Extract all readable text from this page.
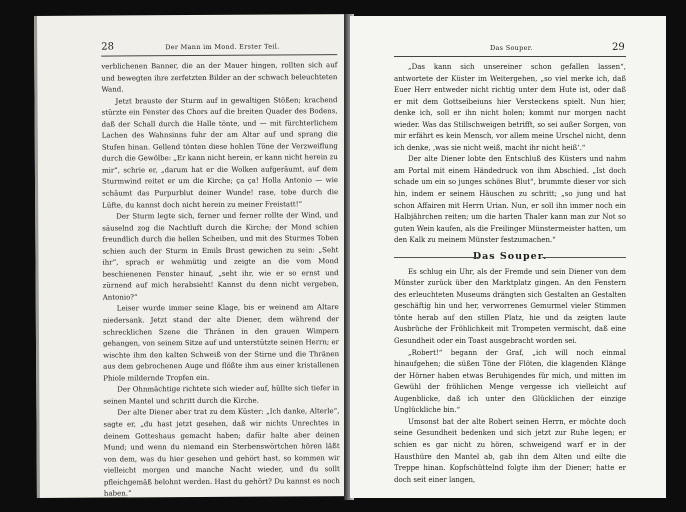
28	Der Mann im Mond. Erster Teil.

verblichenen Banner, die an der Mauer hingen, rollten sich auf und bewegten ihre zerfetzten Bilder an der schwach beleuchteten Wand.

Jetzt brauste der Sturm auf in gewaltigen Stößen; krachend stürzte ein Fenster des Chors auf die breiten Quader des Bodens, daß der Schall durch die Halle tönte, und — mit fürchterlichem Lachen des Wahnsinns fuhr der am Altar auf und sprang die Stufen hinan. Gellend tönten diese hohlen Töne der Verzweiflung durch die Gewölbe: „Er kann nicht herein, er kann nicht herein zu mir“, schrie er, „darum hat er die Wolken aufgeräumt, auf dem Sturmwind reitet er um die Kirche; ça ça! Holla Antonio — wie schäumt das Purpurblut deiner Wunde! rase, tobe durch die Lüfte, du kannst doch nicht herein zu meiner Freistatt!“

Der Sturm legte sich, ferner und ferner rollte der Wind, und säuselnd zog die Nachtluft durch die Kirche; der Mond schien freundlich durch die hellen Scheiben, und mit des Sturmes Toben schien auch der Sturm in Emils Brust gewichen zu sein: „Seht ihr“, sprach er wehmütig und zeigte an die vom Mond beschienenen Fenster hinauf, „seht ihr, wie er so ernst und zürnend auf mich herabsieht! Kannst du denn nicht vergeben, Antonio?“

Leiser wurde immer seine Klage, bis er weinend am Altare niedersank. Jetzt stand der alte Diener, dem während der schrecklichen Szene die Thränen in den grauen Wimpern gehangen, von seinem Sitze auf und unterstützte seinen Herrn; er wischte ihm den kalten Schweiß von der Stirne und die Thränen aus dem gebrochenen Auge und flößte ihm aus einer kristallenen Phiole mildernde Tropfen ein.

Der Ohnmächtige richtete sich wieder auf, hüllte sich tiefer in seinen Mantel und schritt durch die Kirche.

Der alte Diener aber trat zu dem Küster: „Ich danke, Alterle“, sagte er, „du hast jetzt gesehen, daß wir nichts Unrechtes in deinem Gotteshaus gemacht haben; dafür halte aber deinen Mund; und wenn du niemand ein Sterbenswörtchen hören läßt von dem, was du hier gesehen und gehört hast, so kommen wir vielleicht morgen und manche Nacht wieder, und du sollt pfleichgemäß belohnt werden. Hast du gehört? Du kannst es noch haben.“

Das Souper.	29

„Das kann sich unsereiner schon gefallen lassen“, antwortete der Küster im Weitergehen, „so viel merke ich, daß Euer Herr entweder nicht richtig unter dem Hute ist, oder daß er mit dem Gottseibeiuns hier Versteckens spielt. Nun hier, denke ich, soll er ihn nicht holen; kommt nur morgen nacht wieder. Was das Stillschweigen betrifft, so sei außer Sorgen, von mir erfährt es kein Mensch, vor allem meine Urschel nicht, denn ich denke, ‚was sie nicht weiß, macht ihr nicht heiß‘.“

Der alte Diener lobte den Entschluß des Küsters und nahm am Portal mit einem Händedruck von ihm Abschied. „Ist doch schade um ein so junges schönes Blut“, brummte dieser vor sich hin, indem er seinem Häuschen zu schritt; „so jung und hat schon Affairen mit Herrn Urian. Nun, er soll ihn immer noch ein Halbjährchen reiten; um die harten Thaler kann man zur Not so guten Wein kaufen, als die Freilinger Münstermeister hatten, um den Kalk zu meinem Münster festzumachen.“

Das Souper.

Es schlug ein Uhr, als der Fremde und sein Diener von dem Münster zurück über den Marktplatz gingen. An den Fenstern des erleuchteten Museums drängten sich Gestalten an Gestalten geschäftig hin und her, verworrenes Gemurmel vieler Stimmen tönte herab auf den stillen Platz, hie und da zeigten laute Ausbrüche der Fröhlichkeit mit Trompeten vermischt, daß eine Gesundheit oder ein Toast ausgebracht worden sei.

„Robert!“ begann der Graf, „ich will noch einmal hinaufgehen; die süßen Töne der Flöten, die klagenden Klänge der Hörner haben etwas Beruhigendes für mich, und mitten im Gewühl der fröhlichen Menge vergesse ich vielleicht auf Augenblicke, daß ich unter den Glücklichen der einzige Unglückliche bin.“

Umsonst bat der alte Robert seinen Herrn, er möchte doch seine Gesundheit bedenken und sich jetzt zur Ruhe legen; er schien es gar nicht zu hören, schweigend warf er in der Hausthüre den Mantel ab, gab ihn dem Alten und eilte die Treppe hinan. Kopfschüttelnd folgte ihm der Diener; hatte er doch seit einer langen,
